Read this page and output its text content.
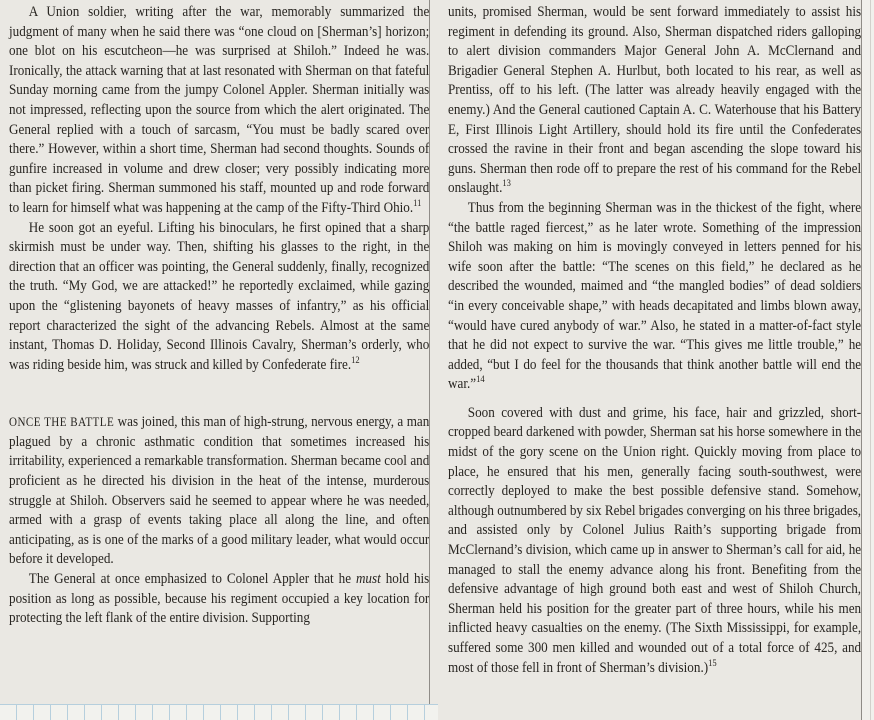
A Union soldier, writing after the war, memorably summarized the judgment of many when he said there was “one cloud on [Sherman’s] horizon; one blot on his escutcheon—he was surprised at Shiloh.” Indeed he was. Ironically, the attack warning that at last resonated with Sherman on that fateful Sunday morning came from the jumpy Colonel Appler. Sherman initially was not impressed, reflecting upon the source from which the alert originated. The General replied with a touch of sarcasm, “You must be badly scared over there.” However, within a short time, Sherman had second thoughts. Sounds of gunfire increased in volume and drew closer; very possibly indicating more than picket firing. Sherman summoned his staff, mounted up and rode forward to learn for himself what was happening at the camp of the Fifty-Third Ohio.$^{11}$

He soon got an eyeful. Lifting his binoculars, he first opined that a sharp skirmish must be under way. Then, shifting his glasses to the right, in the direction that an officer was pointing, the General suddenly, finally, recognized the truth. “My God, we are attacked!” he reportedly exclaimed, while gazing upon the “glistening bayonets of heavy masses of infantry,” as his official report characterized the sight of the advancing Rebels. Almost at the same instant, Thomas D. Holiday, Second Illinois Cavalry, Sherman’s orderly, who was riding beside him, was struck and killed by Confederate fire.$^{12}$

ONCE THE BATTLE was joined, this man of high-strung, nervous energy, a man plagued by a chronic asthmatic condition that sometimes increased his irritability, experienced a remarkable transformation. Sherman became cool and proficient as he directed his division in the heat of the intense, murderous struggle at Shiloh. Observers said he seemed to appear where he was needed, armed with a grasp of events taking place all along the line, and often anticipating, as is one of the marks of a good military leader, what would occur before it developed.

The General at once emphasized to Colonel Appler that he must hold his position as long as possible, because his regiment occupied a key location for protecting the left flank of the entire division. Supporting

units, promised Sherman, would be sent forward immediately to assist his regiment in defending its ground. Also, Sherman dispatched riders galloping to alert division commanders Major General John A. McClernand and Brigadier General Stephen A. Hurlbut, both located to his rear, as well as Prentiss, off to his left. (The latter was already heavily engaged with the enemy.) And the General cautioned Captain A. C. Waterhouse that his Battery E, First Illinois Light Artillery, should hold its fire until the Confederates crossed the ravine in their front and began ascending the slope toward his guns. Sherman then rode off to prepare the rest of his command for the Rebel onslaught.$^{13}$

Thus from the beginning Sherman was in the thickest of the fight, where “the battle raged fiercest,” as he later wrote. Something of the impression Shiloh was making on him is movingly conveyed in letters penned for his wife soon after the battle: “The scenes on this field,” he declared as he described the wounded, maimed and “the mangled bodies” of dead soldiers “in every conceivable shape,” with heads decapitated and limbs blown away, “would have cured anybody of war.” Also, he stated in a matter-of-fact style that he did not expect to survive the war. “This gives me little trouble,” he added, “but I do feel for the thousands that think another battle will end the war.”$^{14}$

Soon covered with dust and grime, his face, hair and grizzled, short-cropped beard darkened with powder, Sherman sat his horse somewhere in the midst of the gory scene on the Union right. Quickly moving from place to place, he ensured that his men, generally facing south-southwest, were correctly deployed to make the best possible defensive stand. Somehow, although outnumbered by six Rebel brigades converging on his three brigades, and assisted only by Colonel Julius Raith’s supporting brigade from McClernand’s division, which came up in answer to Sherman’s call for aid, he managed to stall the enemy advance along his front. Benefiting from the defensive advantage of high ground both east and west of Shiloh Church, Sherman held his position for the greater part of three hours, while his men inflicted heavy casualties on the enemy. (The Sixth Mississippi, for example, suffered some 300 men killed and wounded out of a total force of 425, and most of those fell in front of Sherman’s division.)$^{15}$
